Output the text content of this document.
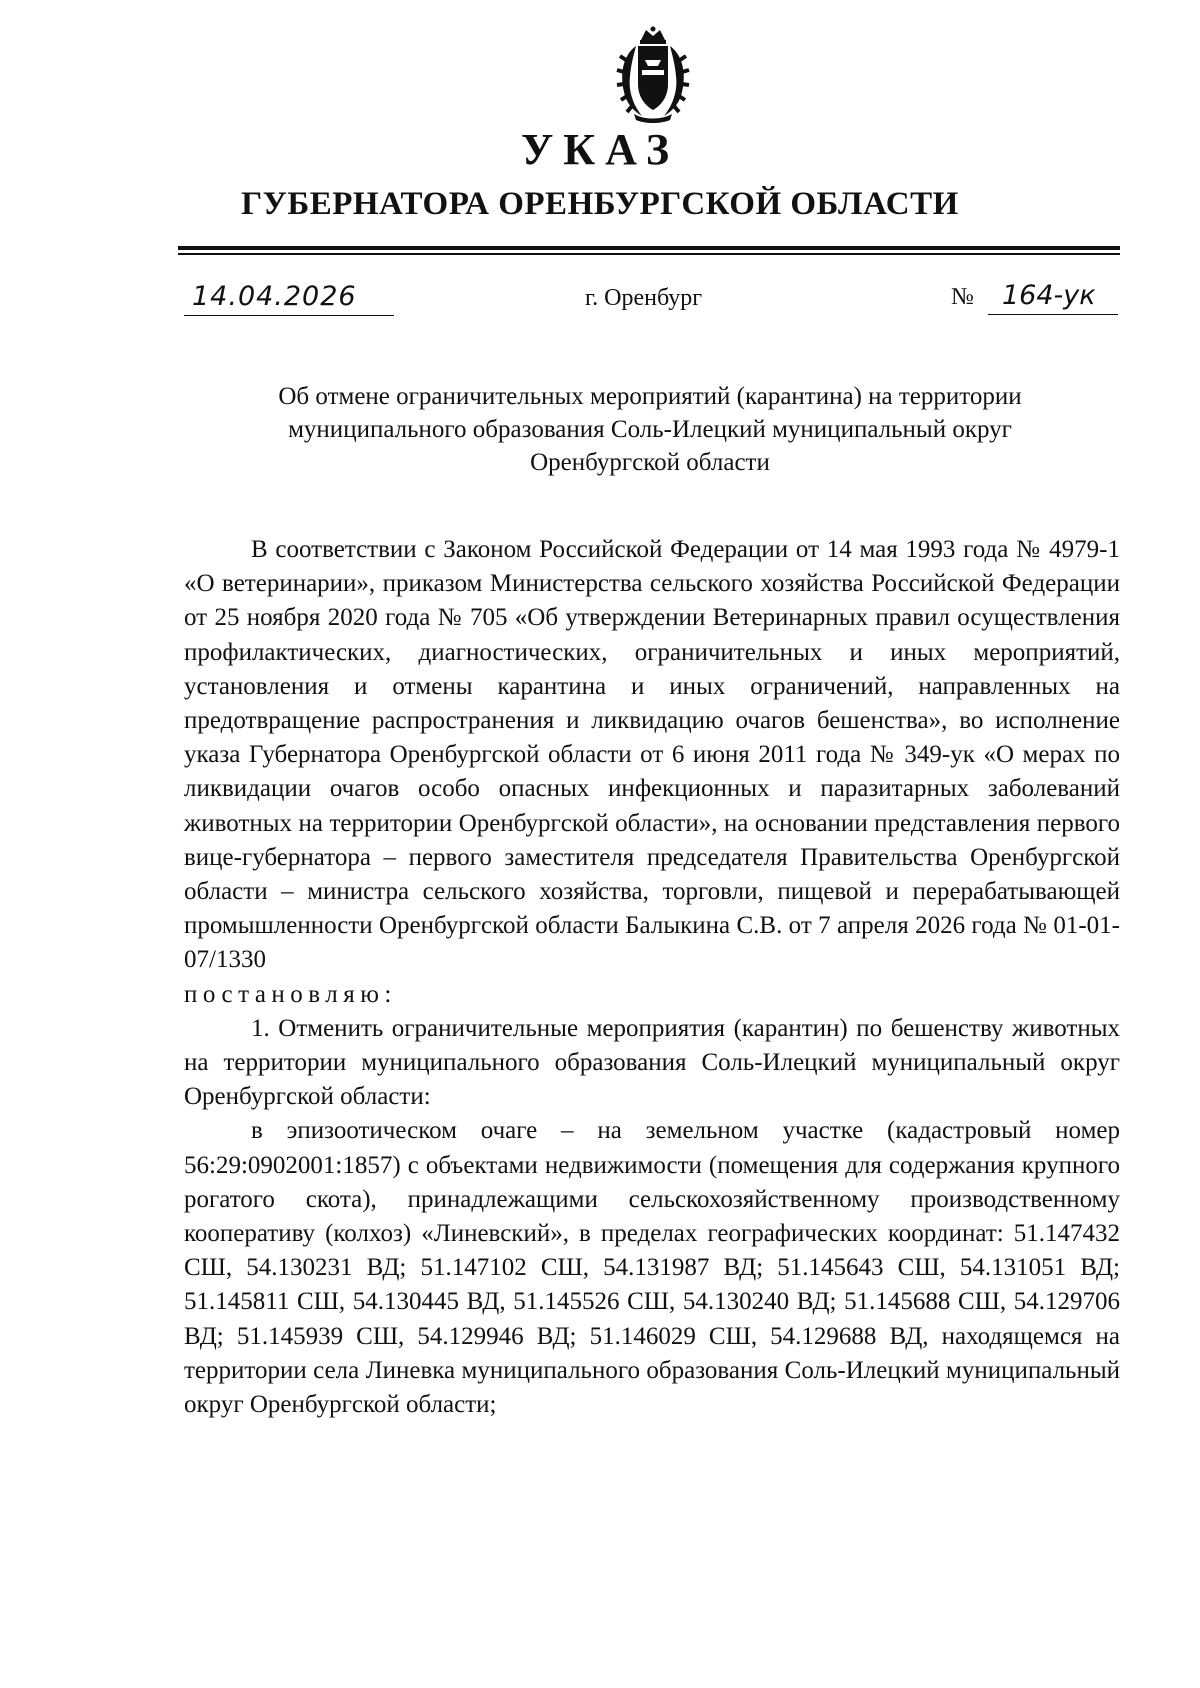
УКАЗ
ГУБЕРНАТОРА ОРЕНБУРГСКОЙ ОБЛАСТИ
14.04.2026	г. Оренбург	№ 164-ук
Об отмене ограничительных мероприятий (карантина) на территории
муниципального образования Соль-Илецкий муниципальный округ
Оренбургской области

В соответствии с Законом Российской Федерации от 14 мая 1993 года № 4979-1 «О ветеринарии», приказом Министерства сельского хозяйства Российской Федерации от 25 ноября 2020 года № 705 «Об утверждении Ветеринарных правил осуществления профилактических, диагностических, ограничительных и иных мероприятий, установления и отмены карантина и иных ограничений, направленных на предотвращение распространения и ликвидацию очагов бешенства», во исполнение указа Губернатора Оренбургской области от 6 июня 2011 года № 349-ук «О мерах по ликвидации очагов особо опасных инфекционных и паразитарных заболеваний животных на территории Оренбургской области», на основании представления первого вице-губернатора – первого заместителя председателя Правительства Оренбургской области – министра сельского хозяйства, торговли, пищевой и перерабатывающей промышленности Оренбургской области Балыкина С.В. от 7 апреля 2026 года № 01-01-07/1330

постановляю:

1. Отменить ограничительные мероприятия (карантин) по бешенству животных на территории муниципального образования Соль-Илецкий муниципальный округ Оренбургской области:

в эпизоотическом очаге – на земельном участке (кадастровый номер 56:29:0902001:1857) с объектами недвижимости (помещения для содержания крупного рогатого скота), принадлежащими сельскохозяйственному производственному кооперативу (колхоз) «Линевский», в пределах географических координат: 51.147432 СШ, 54.130231 ВД; 51.147102 СШ, 54.131987 ВД; 51.145643 СШ, 54.131051 ВД; 51.145811 СШ, 54.130445 ВД, 51.145526 СШ, 54.130240 ВД; 51.145688 СШ, 54.129706 ВД; 51.145939 СШ, 54.129946 ВД; 51.146029 СШ, 54.129688 ВД, находящемся на территории села Линевка муниципального образования Соль-Илецкий муниципальный округ Оренбургской области;
